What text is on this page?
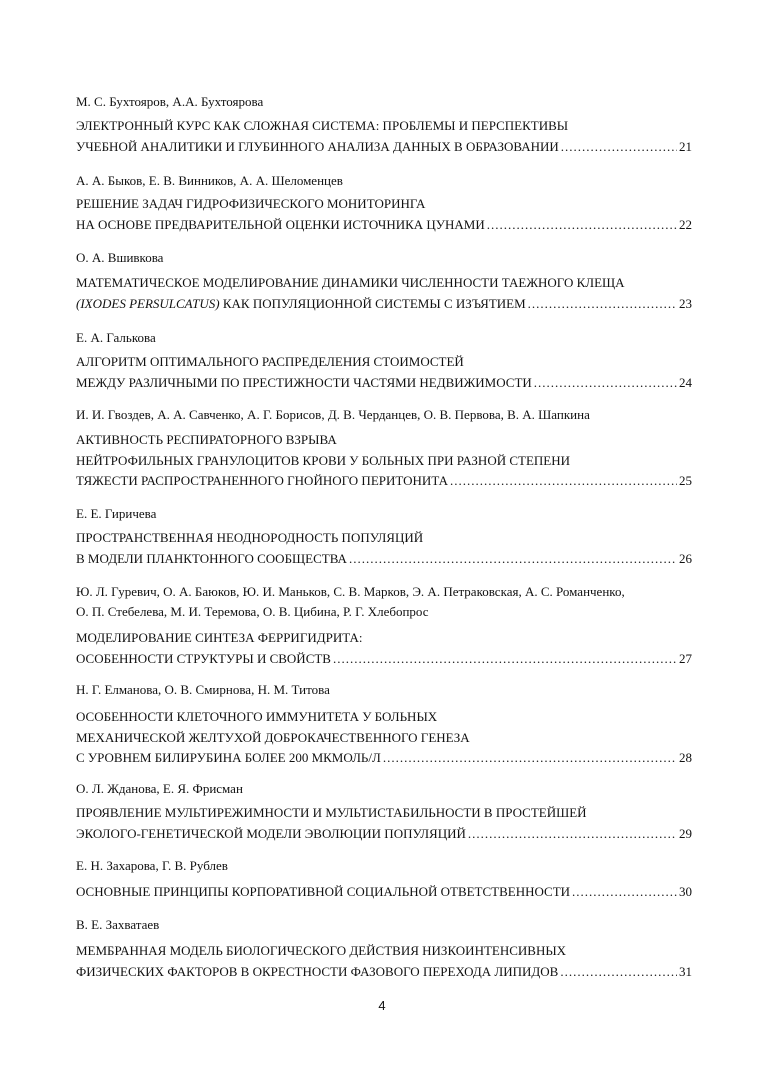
М. С. Бухтояров, А.А. Бухтоярова
ЭЛЕКТРОННЫЙ КУРС КАК СЛОЖНАЯ СИСТЕМА: ПРОБЛЕМЫ И ПЕРСПЕКТИВЫ
УЧЕБНОЙ АНАЛИТИКИ И ГЛУБИННОГО АНАЛИЗА ДАННЫХ В ОБРАЗОВАНИИ .....	21
А. А. Быков, Е. В. Винников, А. А. Шеломенцев
РЕШЕНИЕ ЗАДАЧ ГИДРОФИЗИЧЕСКОГО МОНИТОРИНГА
НА ОСНОВЕ ПРЕДВАРИТЕЛЬНОЙ ОЦЕНКИ ИСТОЧНИКА ЦУНАМИ .....	22
О. А. Вшивкова
МАТЕМАТИЧЕСКОЕ МОДЕЛИРОВАНИЕ ДИНАМИКИ ЧИСЛЕННОСТИ ТАЕЖНОГО КЛЕЩА
(IXODES PERSULCATUS) КАК ПОПУЛЯЦИОННОЙ СИСТЕМЫ С ИЗЪЯТИЕМ .....	23
Е. А. Галькова
АЛГОРИТМ ОПТИМАЛЬНОГО РАСПРЕДЕЛЕНИЯ СТОИМОСТЕЙ
МЕЖДУ РАЗЛИЧНЫМИ ПО ПРЕСТИЖНОСТИ ЧАСТЯМИ НЕДВИЖИМОСТИ .....	24
И. И. Гвоздев, А. А. Савченко, А. Г. Борисов, Д. В. Черданцев, О. В. Первова, В. А. Шапкина
АКТИВНОСТЬ РЕСПИРАТОРНОГО ВЗРЫВА
НЕЙТРОФИЛЬНЫХ ГРАНУЛОЦИТОВ КРОВИ У БОЛЬНЫХ ПРИ РАЗНОЙ СТЕПЕНИ
ТЯЖЕСТИ РАСПРОСТРАНЕННОГО ГНОЙНОГО ПЕРИТОНИТА .....	25
Е. Е. Гиричева
ПРОСТРАНСТВЕННАЯ НЕОДНОРОДНОСТЬ ПОПУЛЯЦИЙ
В МОДЕЛИ ПЛАНКТОННОГО СООБЩЕСТВА .....	26
Ю. Л. Гуревич, О. А. Баюков, Ю. И. Маньков, С. В. Марков, Э. А. Петраковская, А. С. Романченко,
О. П. Стебелева, М. И. Теремова, О. В. Цибина, Р. Г. Хлебопрос
МОДЕЛИРОВАНИЕ СИНТЕЗА ФЕРРИГИДРИТА:
ОСОБЕННОСТИ СТРУКТУРЫ И СВОЙСТВ .....	27
Н. Г. Елманова, О. В. Смирнова, Н. М. Титова
ОСОБЕННОСТИ КЛЕТОЧНОГО ИММУНИТЕТА У БОЛЬНЫХ
МЕХАНИЧЕСКОЙ ЖЕЛТУХОЙ ДОБРОКАЧЕСТВЕННОГО ГЕНЕЗА
С УРОВНЕМ БИЛИРУБИНА БОЛЕЕ 200 МКМОЛЬ/Л .....	28
О. Л. Жданова, Е. Я. Фрисман
ПРОЯВЛЕНИЕ МУЛЬТИРЕЖИМНОСТИ И МУЛЬТИСТАБИЛЬНОСТИ В ПРОСТЕЙШЕЙ
ЭКОЛОГО-ГЕНЕТИЧЕСКОЙ МОДЕЛИ ЭВОЛЮЦИИ ПОПУЛЯЦИЙ .....	29
Е. Н. Захарова, Г. В. Рублев
ОСНОВНЫЕ ПРИНЦИПЫ КОРПОРАТИВНОЙ СОЦИАЛЬНОЙ ОТВЕТСТВЕННОСТИ .....	30
В. Е. Захватаев
МЕМБРАННАЯ МОДЕЛЬ БИОЛОГИЧЕСКОГО ДЕЙСТВИЯ НИЗКОИНТЕНСИВНЫХ
ФИЗИЧЕСКИХ ФАКТОРОВ В ОКРЕСТНОСТИ ФАЗОВОГО ПЕРЕХОДА ЛИПИДОВ .....	31
4
